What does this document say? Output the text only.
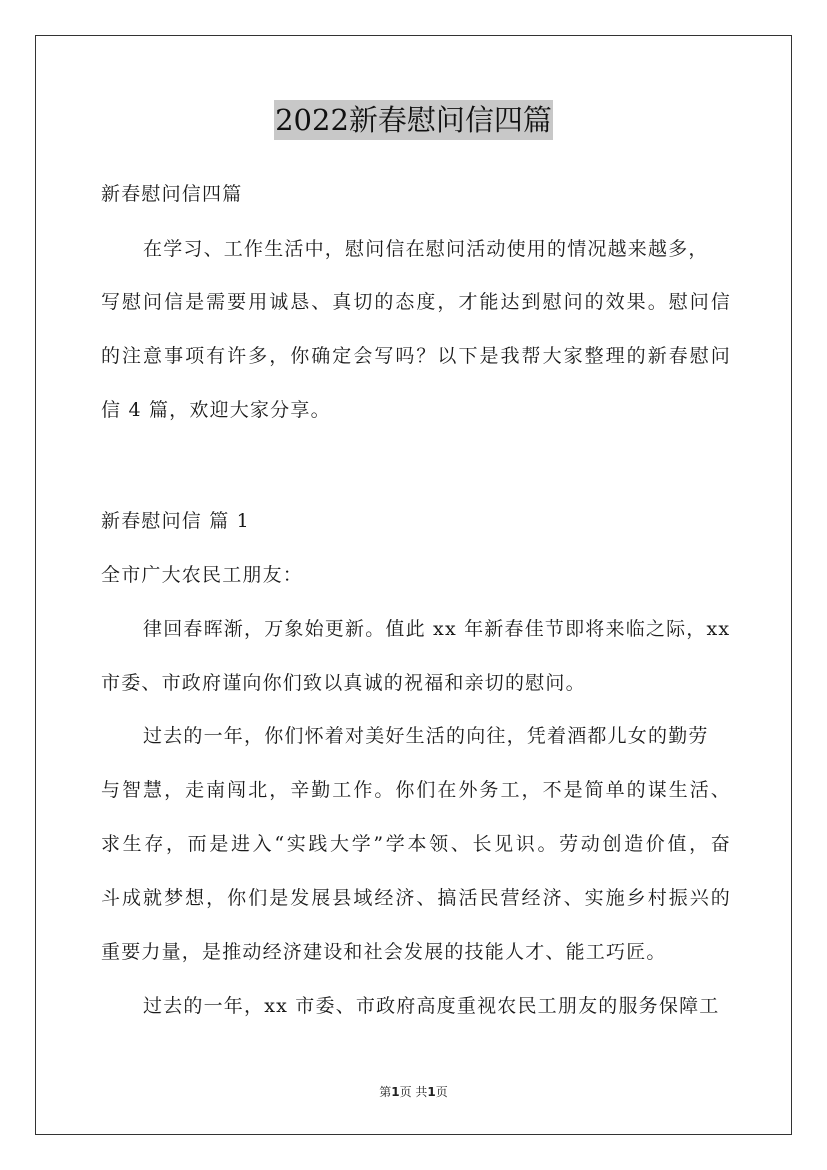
2022新春慰问信四篇
新春慰问信四篇
在学习、工作生活中，慰问信在慰问活动使用的情况越来越多，
写慰问信是需要用诚恳、真切的态度，才能达到慰问的效果。慰问信
的注意事项有许多，你确定会写吗？以下是我帮大家整理的新春慰问
信 4 篇，欢迎大家分享。
新春慰问信 篇 1
全市广大农民工朋友：
律回春晖渐，万象始更新。值此 xx 年新春佳节即将来临之际，xx
市委、市政府谨向你们致以真诚的祝福和亲切的慰问。
过去的一年，你们怀着对美好生活的向往，凭着酒都儿女的勤劳
与智慧，走南闯北，辛勤工作。你们在外务工，不是简单的谋生活、
求生存，而是进入“实践大学”学本领、长见识。劳动创造价值，奋
斗成就梦想，你们是发展县域经济、搞活民营经济、实施乡村振兴的
重要力量，是推动经济建设和社会发展的技能人才、能工巧匠。
过去的一年，xx 市委、市政府高度重视农民工朋友的服务保障工
第1页 共1页
